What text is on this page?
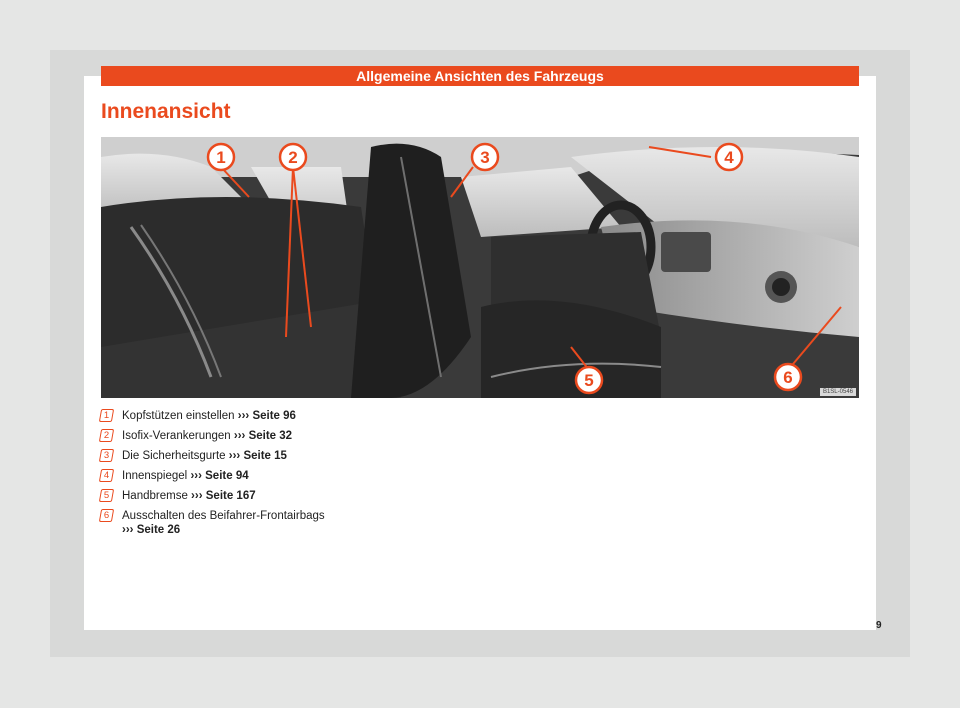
Allgemeine Ansichten des Fahrzeugs
Innenansicht
1	2	3	4
5	6
B1SL-0546
1	Kopfstützen einstellen ››› Seite 96
2	Isofix-Verankerungen ››› Seite 32
3	Die Sicherheitsgurte ››› Seite 15
4	Innenspiegel ››› Seite 94
5	Handbremse ››› Seite 167
6	Ausschalten des Beifahrer-Frontairbags
››› Seite 26
9
